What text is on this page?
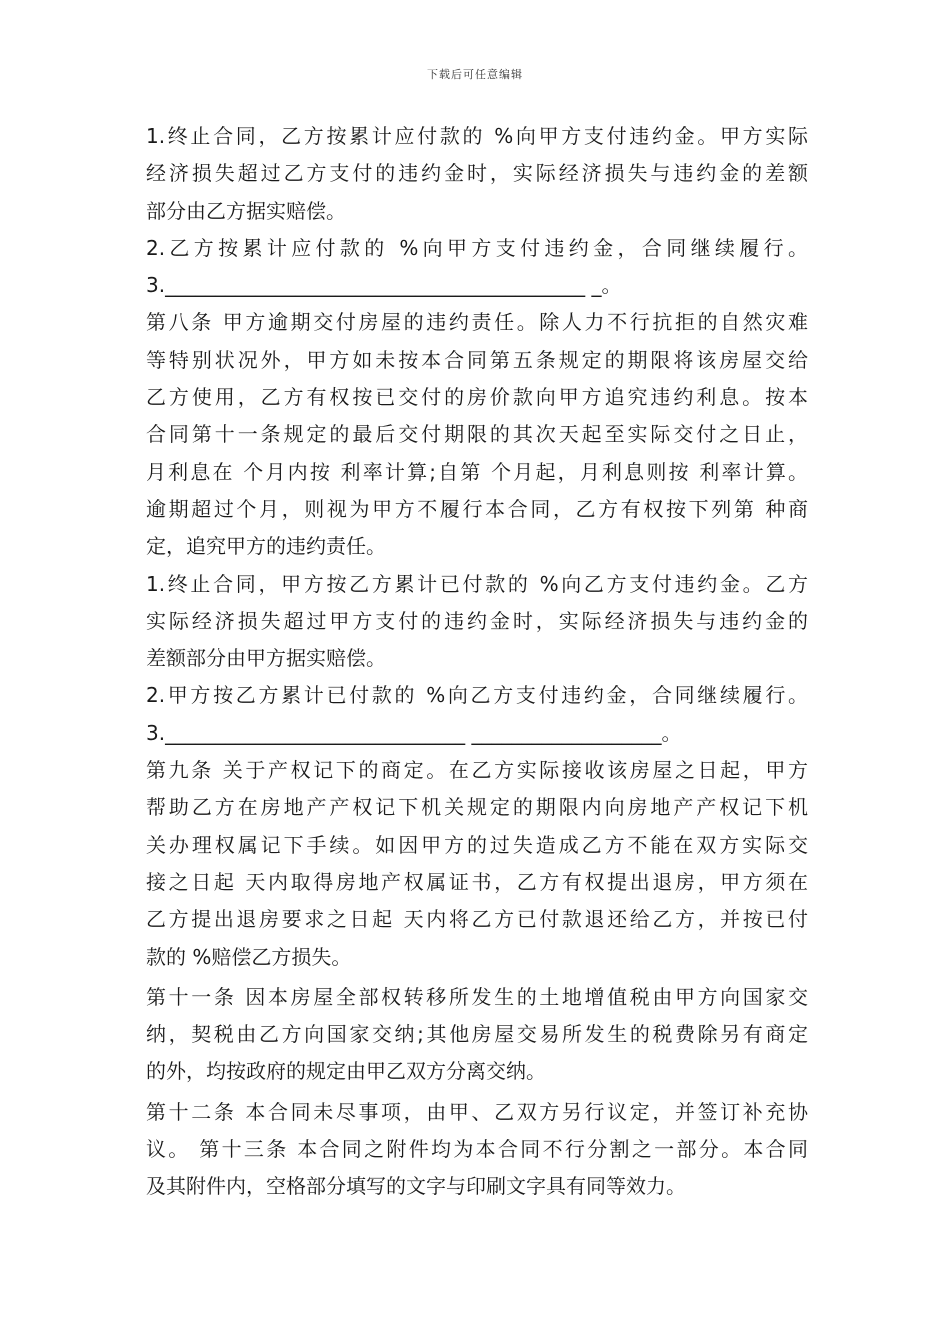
下载后可任意编辑
1.终止合同，乙方按累计应付款的 %向甲方支付违约金。甲方实际
经济损失超过乙方支付的违约金时，实际经济损失与违约金的差额
部分由乙方据实赔偿。
2.乙方按累计应付款的 %向甲方支付违约金，合同继续履行。
3.__________________________________________ _。
第八条 甲方逾期交付房屋的违约责任。除人力不行抗拒的自然灾难
等特别状况外，甲方如未按本合同第五条规定的期限将该房屋交给
乙方使用，乙方有权按已交付的房价款向甲方追究违约利息。按本
合同第十一条规定的最后交付期限的其次天起至实际交付之日止，
月利息在 个月内按 利率计算;自第 个月起，月利息则按 利率计算。
逾期超过个月，则视为甲方不履行本合同，乙方有权按下列第 种商
定，追究甲方的违约责任。
1.终止合同，甲方按乙方累计已付款的 %向乙方支付违约金。乙方
实际经济损失超过甲方支付的违约金时，实际经济损失与违约金的
差额部分由甲方据实赔偿。
2.甲方按乙方累计已付款的 %向乙方支付违约金，合同继续履行。
3.______________________________ ___________________。
第九条 关于产权记下的商定。在乙方实际接收该房屋之日起，甲方
帮助乙方在房地产产权记下机关规定的期限内向房地产产权记下机
关办理权属记下手续。如因甲方的过失造成乙方不能在双方实际交
接之日起 天内取得房地产权属证书，乙方有权提出退房，甲方须在
乙方提出退房要求之日起 天内将乙方已付款退还给乙方，并按已付
款的 %赔偿乙方损失。
第十一条 因本房屋全部权转移所发生的土地增值税由甲方向国家交
纳，契税由乙方向国家交纳;其他房屋交易所发生的税费除另有商定
的外，均按政府的规定由甲乙双方分离交纳。
第十二条 本合同未尽事项，由甲、乙双方另行议定，并签订补充协
议。 第十三条 本合同之附件均为本合同不行分割之一部分。本合同
及其附件内，空格部分填写的文字与印刷文字具有同等效力。
